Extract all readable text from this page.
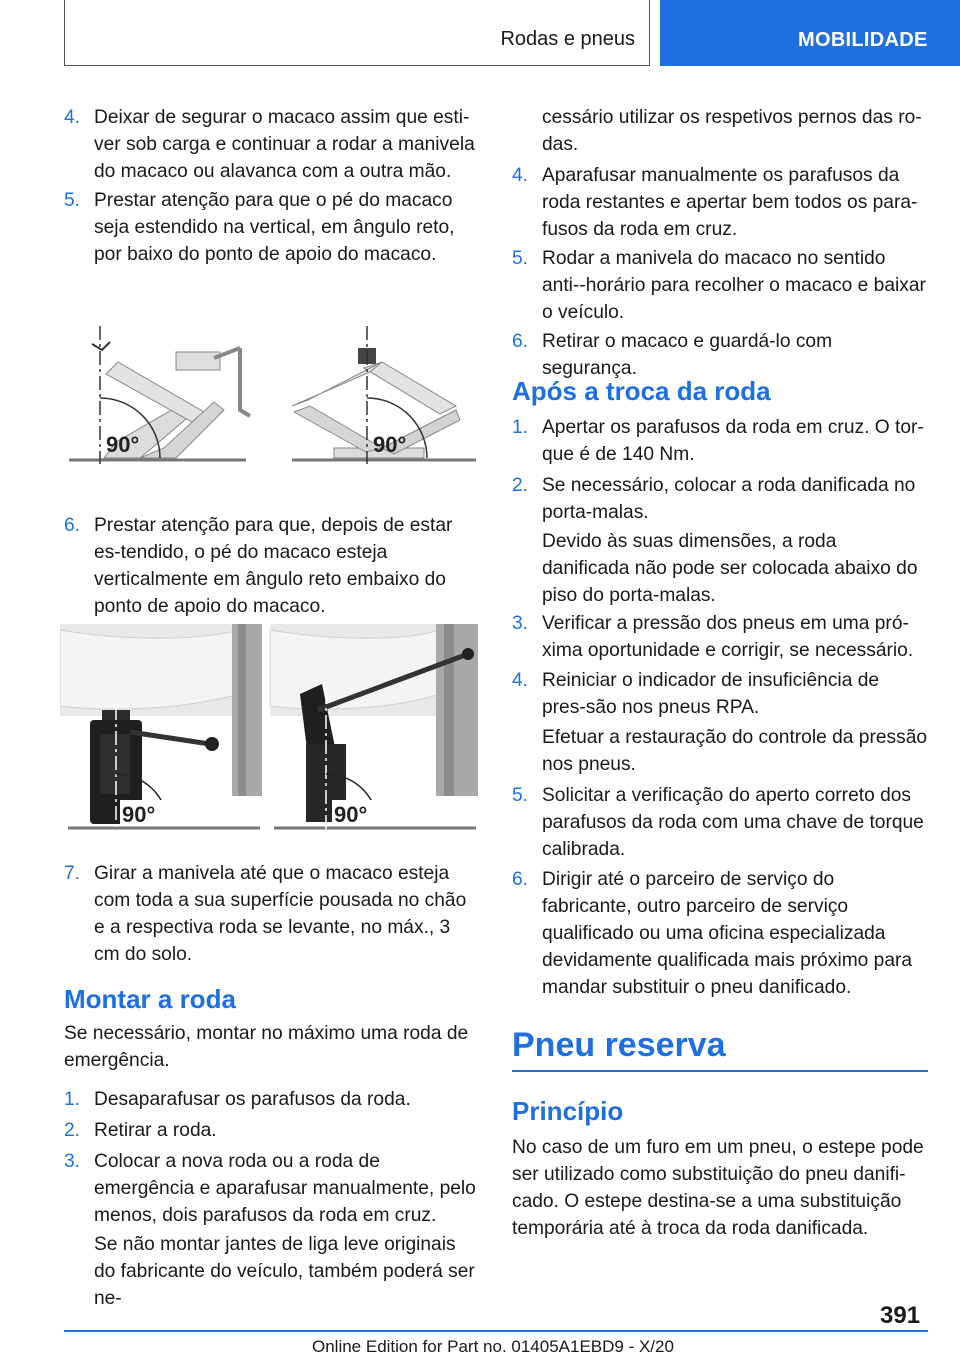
Rodas e pneus	MOBILIDADE
4. Deixar de segurar o macaco assim que esti-ver sob carga e continuar a rodar a manivela do macaco ou alavanca com a outra mão.
5. Prestar atenção para que o pé do macaco seja estendido na vertical, em ângulo reto, por baixo do ponto de apoio do macaco.
90°	90°
6. Prestar atenção para que, depois de estar es-tendido, o pé do macaco esteja verticalmente em ângulo reto embaixo do ponto de apoio do macaco.
90°	90°
7. Girar a manivela até que o macaco esteja com toda a sua superfície pousada no chão e a respectiva roda se levante, no máx., 3 cm do solo.
Montar a roda
Se necessário, montar no máximo uma roda de emergência.
1. Desaparafusar os parafusos da roda.
2. Retirar a roda.
3. Colocar a nova roda ou a roda de emergência e aparafusar manualmente, pelo menos, dois parafusos da roda em cruz.
Se não montar jantes de liga leve originais do fabricante do veículo, também poderá ser ne-
cessário utilizar os respetivos pernos das ro-das.
4. Aparafusar manualmente os parafusos da roda restantes e apertar bem todos os para-fusos da roda em cruz.
5. Rodar a manivela do macaco no sentido anti--horário para recolher o macaco e baixar o veículo.
6. Retirar o macaco e guardá-lo com segurança.
Após a troca da roda
1. Apertar os parafusos da roda em cruz. O tor-que é de 140 Nm.
2. Se necessário, colocar a roda danificada no porta-malas.
Devido às suas dimensões, a roda danificada não pode ser colocada abaixo do piso do porta-malas.
3. Verificar a pressão dos pneus em uma pró-xima oportunidade e corrigir, se necessário.
4. Reiniciar o indicador de insuficiência de pres-são nos pneus RPA.
Efetuar a restauração do controle da pressão nos pneus.
5. Solicitar a verificação do aperto correto dos parafusos da roda com uma chave de torque calibrada.
6. Dirigir até o parceiro de serviço do fabricante, outro parceiro de serviço qualificado ou uma oficina especializada devidamente qualificada mais próximo para mandar substituir o pneu danificado.
Pneu reserva
Princípio
No caso de um furo em um pneu, o estepe pode ser utilizado como substituição do pneu danifi-cado. O estepe destina-se a uma substituição temporária até à troca da roda danificada.
391
Online Edition for Part no. 01405A1EBD9 - X/20
